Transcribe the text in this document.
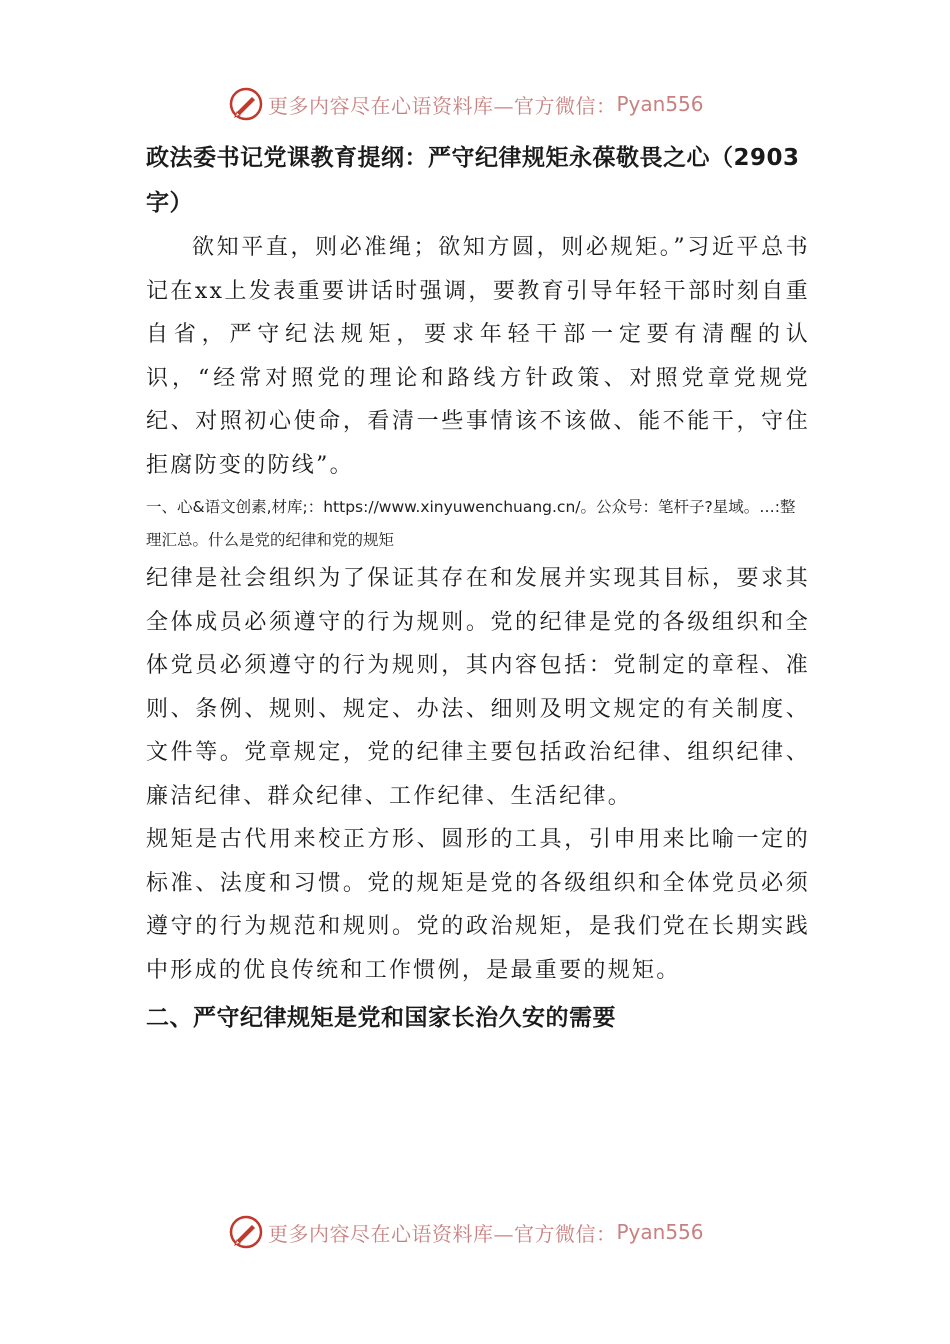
更多内容尽在心语资料库—官方微信： Pyan556

政法委书记党课教育提纲：严守纪律规矩永葆敬畏之心（2903字）

欲知平直，则必准绳；欲知方圆，则必规矩。”习近平总书记在xx上发表重要讲话时强调，要教育引导年轻干部时刻自重自省，严守纪法规矩，要求年轻干部一定要有清醒的认识，“经常对照党的理论和路线方针政策、对照党章党规党纪、对照初心使命，看清一些事情该不该做、能不能干，守住拒腐防变的防线”。

一、心&语文创素,材库;：https://www.xinyuwenchuang.cn/。公众号：笔杆子?星域。…:整理汇总。什么是党的纪律和党的规矩

纪律是社会组织为了保证其存在和发展并实现其目标，要求其全体成员必须遵守的行为规则。党的纪律是党的各级组织和全体党员必须遵守的行为规则，其内容包括：党制定的章程、准则、条例、规则、规定、办法、细则及明文规定的有关制度、文件等。党章规定，党的纪律主要包括政治纪律、组织纪律、廉洁纪律、群众纪律、工作纪律、生活纪律。

规矩是古代用来校正方形、圆形的工具，引申用来比喻一定的标准、法度和习惯。党的规矩是党的各级组织和全体党员必须遵守的行为规范和规则。党的政治规矩，是我们党在长期实践中形成的优良传统和工作惯例，是最重要的规矩。

二、严守纪律规矩是党和国家长治久安的需要

更多内容尽在心语资料库—官方微信： Pyan556
